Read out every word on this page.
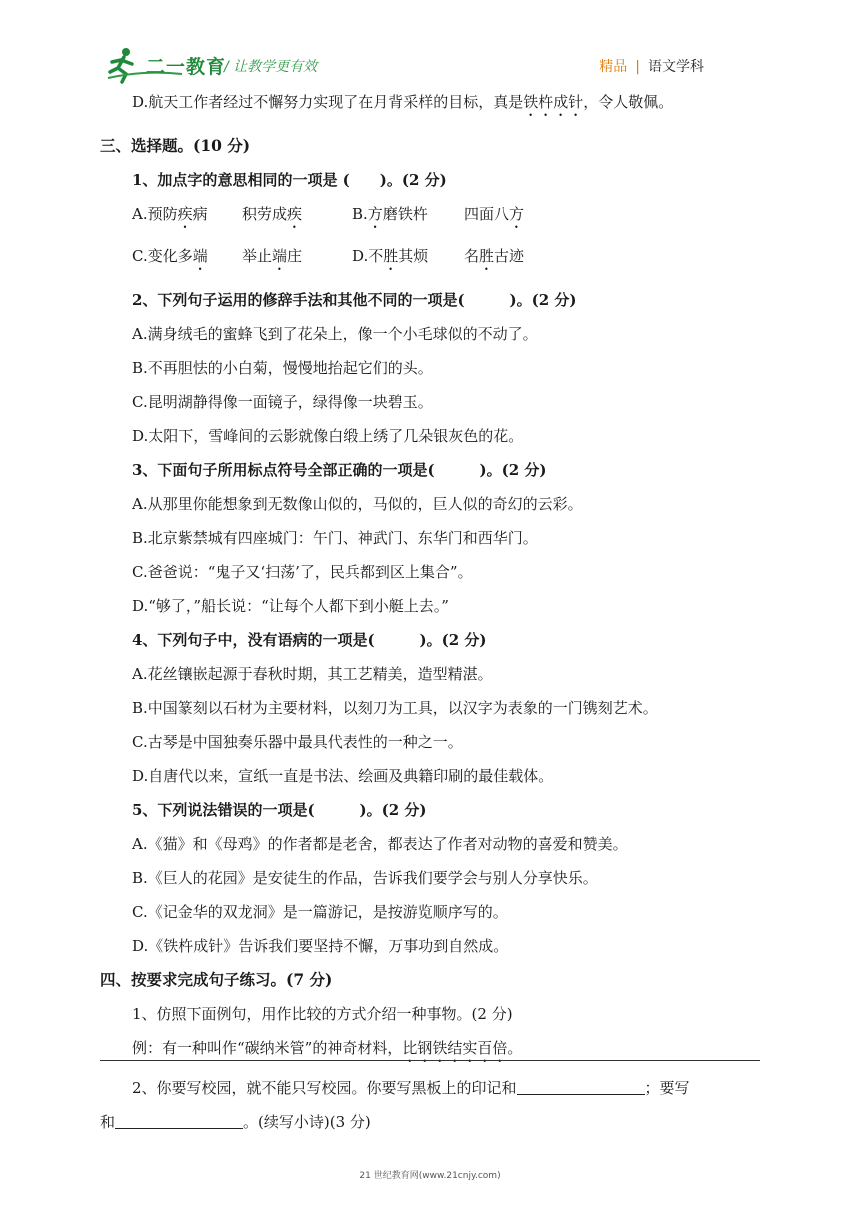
二一教育
/ 让教学更有效	精品 | 语文学科
D.航天工作者经过不懈努力实现了在月背采样的目标，真是铁杵成针，令人敬佩。
三、选择题。(10 分)
1、加点字的意思相同的一项是 (　　)。(2 分)
A.预防疾病 积劳成疾	B.方磨铁杵 四面八方
C.变化多端 举止端庄	D.不胜其烦 名胜古迹
2、下列句子运用的修辞手法和其他不同的一项是(　　　)。(2 分)
A.满身绒毛的蜜蜂飞到了花朵上，像一个小毛球似的不动了。
B.不再胆怯的小白菊，慢慢地抬起它们的头。
C.昆明湖静得像一面镜子，绿得像一块碧玉。
D.太阳下，雪峰间的云影就像白缎上绣了几朵银灰色的花。
3、下面句子所用标点符号全部正确的一项是(　　　)。(2 分)
A.从那里你能想象到无数像山似的，马似的，巨人似的奇幻的云彩。
B.北京紫禁城有四座城门：午门、神武门、东华门和西华门。
C.爸爸说：“鬼子又‘扫荡’了，民兵都到区上集合”。
D.“够了，”船长说：“让每个人都下到小艇上去。”
4、下列句子中，没有语病的一项是(　　　)。(2 分)
A.花丝镶嵌起源于春秋时期，其工艺精美，造型精湛。
B.中国篆刻以石材为主要材料，以刻刀为工具，以汉字为表象的一门镌刻艺术。
C.古琴是中国独奏乐器中最具代表性的一种之一。
D.自唐代以来，宣纸一直是书法、绘画及典籍印刷的最佳载体。
5、下列说法错误的一项是(　　　)。(2 分)
A.《猫》和《母鸡》的作者都是老舍，都表达了作者对动物的喜爱和赞美。
B.《巨人的花园》是安徒生的作品，告诉我们要学会与别人分享快乐。
C.《记金华的双龙洞》是一篇游记，是按游览顺序写的。
D.《铁杵成针》告诉我们要坚持不懈，万事功到自然成。
四、按要求完成句子练习。(7 分)
1、仿照下面例句，用作比较的方式介绍一种事物。(2 分)
例：有一种叫作“碳纳米管”的神奇材料，比钢铁结实百倍。
2、你要写校园，就不能只写校园。你要写黑板上的印记和	；要写
和	。(续写小诗)(3 分)
21 世纪教育网(www.21cnjy.com)
